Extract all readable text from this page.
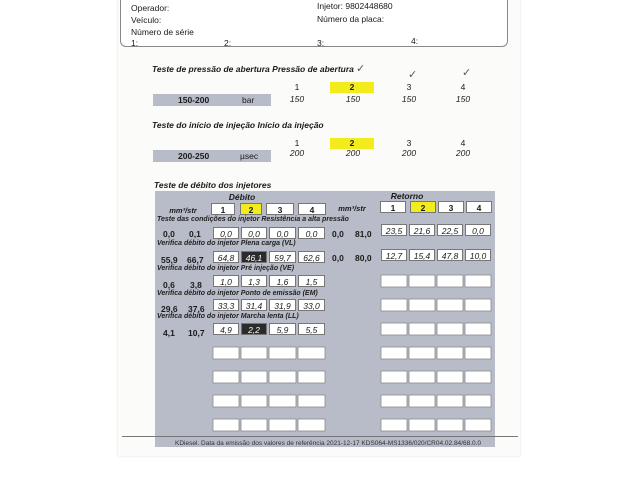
Operador:	Injetor: 9802448680
Veículo:	Número da placa:
Número de série
1:	2:	3:	4:
Teste de pressão de abertura Pressão de abertura ✓	✓	✓
150-200	bar
1	2	3	4
150	150	150	150
Teste do início de injeção Início da injeção
200-250	µsec
1	2	3	4
200	200	200	200
Teste de débito dos injetores
Débito	Retorno
mm³/str	mm³/str
1	2	3	4	1	2	3	4
Teste das condições do injetor Resistência a alta pressão
0,0 0,1	0,0	0,0	0,0	0,0	0,0 81,0	23,5	21,6	22,5	0,0
Verifica débito do injetor Plena carga (VL)
55,9 66,7	64,8	46,1	59,7	62,6	0,0 80,0	12,7	15,4	47,8	10,0
Verifica débito do injetor Pré injeção (VE)
0,6 3,8	1,0	1,3	1,6	1,5
Verifica débito do injetor Ponto de emissão (EM)
29,6 37,6	33,3	31,4	31,9	33,0
Verifica débito do injetor Marcha lenta (LL)
4,1 10,7	4,9	2,2	5,9	5,5
KDiesel. Data da emissão dos valores de referência 2021-12-17 KDS064-MS1336/020/CR04.02.84/68.0.0
